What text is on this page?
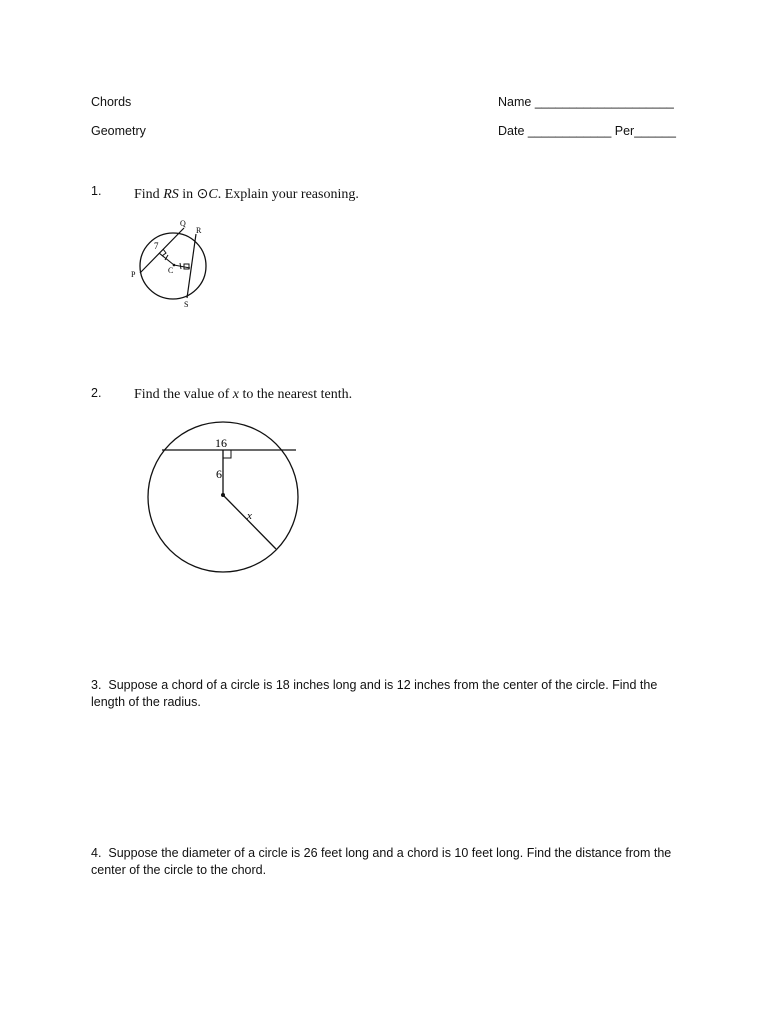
Chords
Geometry
Name ____________________
Date ____________ Per______
1. Find RS in ⊙C. Explain your reasoning.
Q
R
P	C
S
7
2. Find the value of x to the nearest tenth.
16
6
x
3. Suppose a chord of a circle is 18 inches long and is 12 inches from the center of the circle. Find the length of the radius.
4. Suppose the diameter of a circle is 26 feet long and a chord is 10 feet long. Find the distance from the center of the circle to the chord.
